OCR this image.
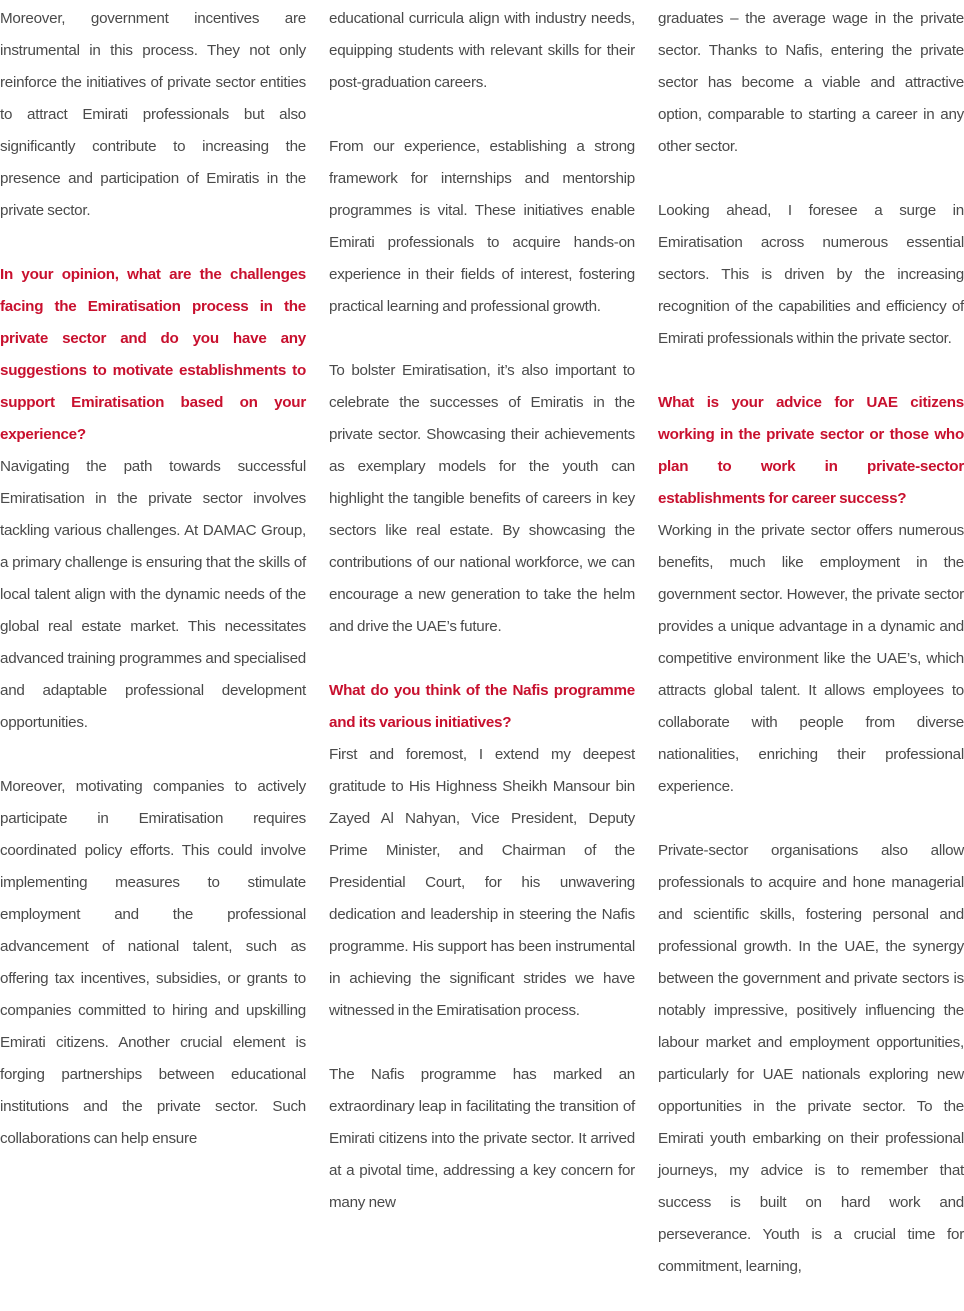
Moreover, government incentives are instrumental in this process. They not only reinforce the initiatives of private sector entities to attract Emirati professionals but also significantly contribute to increasing the presence and participation of Emiratis in the private sector.

In your opinion, what are the challenges facing the Emiratisation process in the private sector and do you have any suggestions to motivate establishments to support Emiratisation based on your experience?

Navigating the path towards successful Emiratisation in the private sector involves tackling various challenges. At DAMAC Group, a primary challenge is ensuring that the skills of local talent align with the dynamic needs of the global real estate market. This necessitates advanced training programmes and specialised and adaptable professional development opportunities.

Moreover, motivating companies to actively participate in Emiratisation requires coordinated policy efforts. This could involve implementing measures to stimulate employment and the professional advancement of national talent, such as offering tax incentives, subsidies, or grants to companies committed to hiring and upskilling Emirati citizens. Another crucial element is forging partnerships between educational institutions and the private sector. Such collaborations can help ensure

educational curricula align with industry needs, equipping students with relevant skills for their post-graduation careers.

From our experience, establishing a strong framework for internships and mentorship programmes is vital. These initiatives enable Emirati professionals to acquire hands-on experience in their fields of interest, fostering practical learning and professional growth.

To bolster Emiratisation, it’s also important to celebrate the successes of Emiratis in the private sector. Showcasing their achievements as exemplary models for the youth can highlight the tangible benefits of careers in key sectors like real estate. By showcasing the contributions of our national workforce, we can encourage a new generation to take the helm and drive the UAE’s future.

What do you think of the Nafis programme and its various initiatives?

First and foremost, I extend my deepest gratitude to His Highness Sheikh Mansour bin Zayed Al Nahyan, Vice President, Deputy Prime Minister, and Chairman of the Presidential Court, for his unwavering dedication and leadership in steering the Nafis programme. His support has been instrumental in achieving the significant strides we have witnessed in the Emiratisation process.

The Nafis programme has marked an extraordinary leap in facilitating the transition of Emirati citizens into the private sector. It arrived at a pivotal time, addressing a key concern for many new

graduates – the average wage in the private sector. Thanks to Nafis, entering the private sector has become a viable and attractive option, comparable to starting a career in any other sector.

Looking ahead, I foresee a surge in Emiratisation across numerous essential sectors. This is driven by the increasing recognition of the capabilities and efficiency of Emirati professionals within the private sector.

What is your advice for UAE citizens working in the private sector or those who plan to work in private-sector establishments for career success?

Working in the private sector offers numerous benefits, much like employment in the government sector. However, the private sector provides a unique advantage in a dynamic and competitive environment like the UAE’s, which attracts global talent. It allows employees to collaborate with people from diverse nationalities, enriching their professional experience.

Private-sector organisations also allow professionals to acquire and hone managerial and scientific skills, fostering personal and professional growth. In the UAE, the synergy between the government and private sectors is notably impressive, positively influencing the labour market and employment opportunities, particularly for UAE nationals exploring new opportunities in the private sector. To the Emirati youth embarking on their professional journeys, my advice is to remember that success is built on hard work and perseverance. Youth is a crucial time for commitment, learning,
